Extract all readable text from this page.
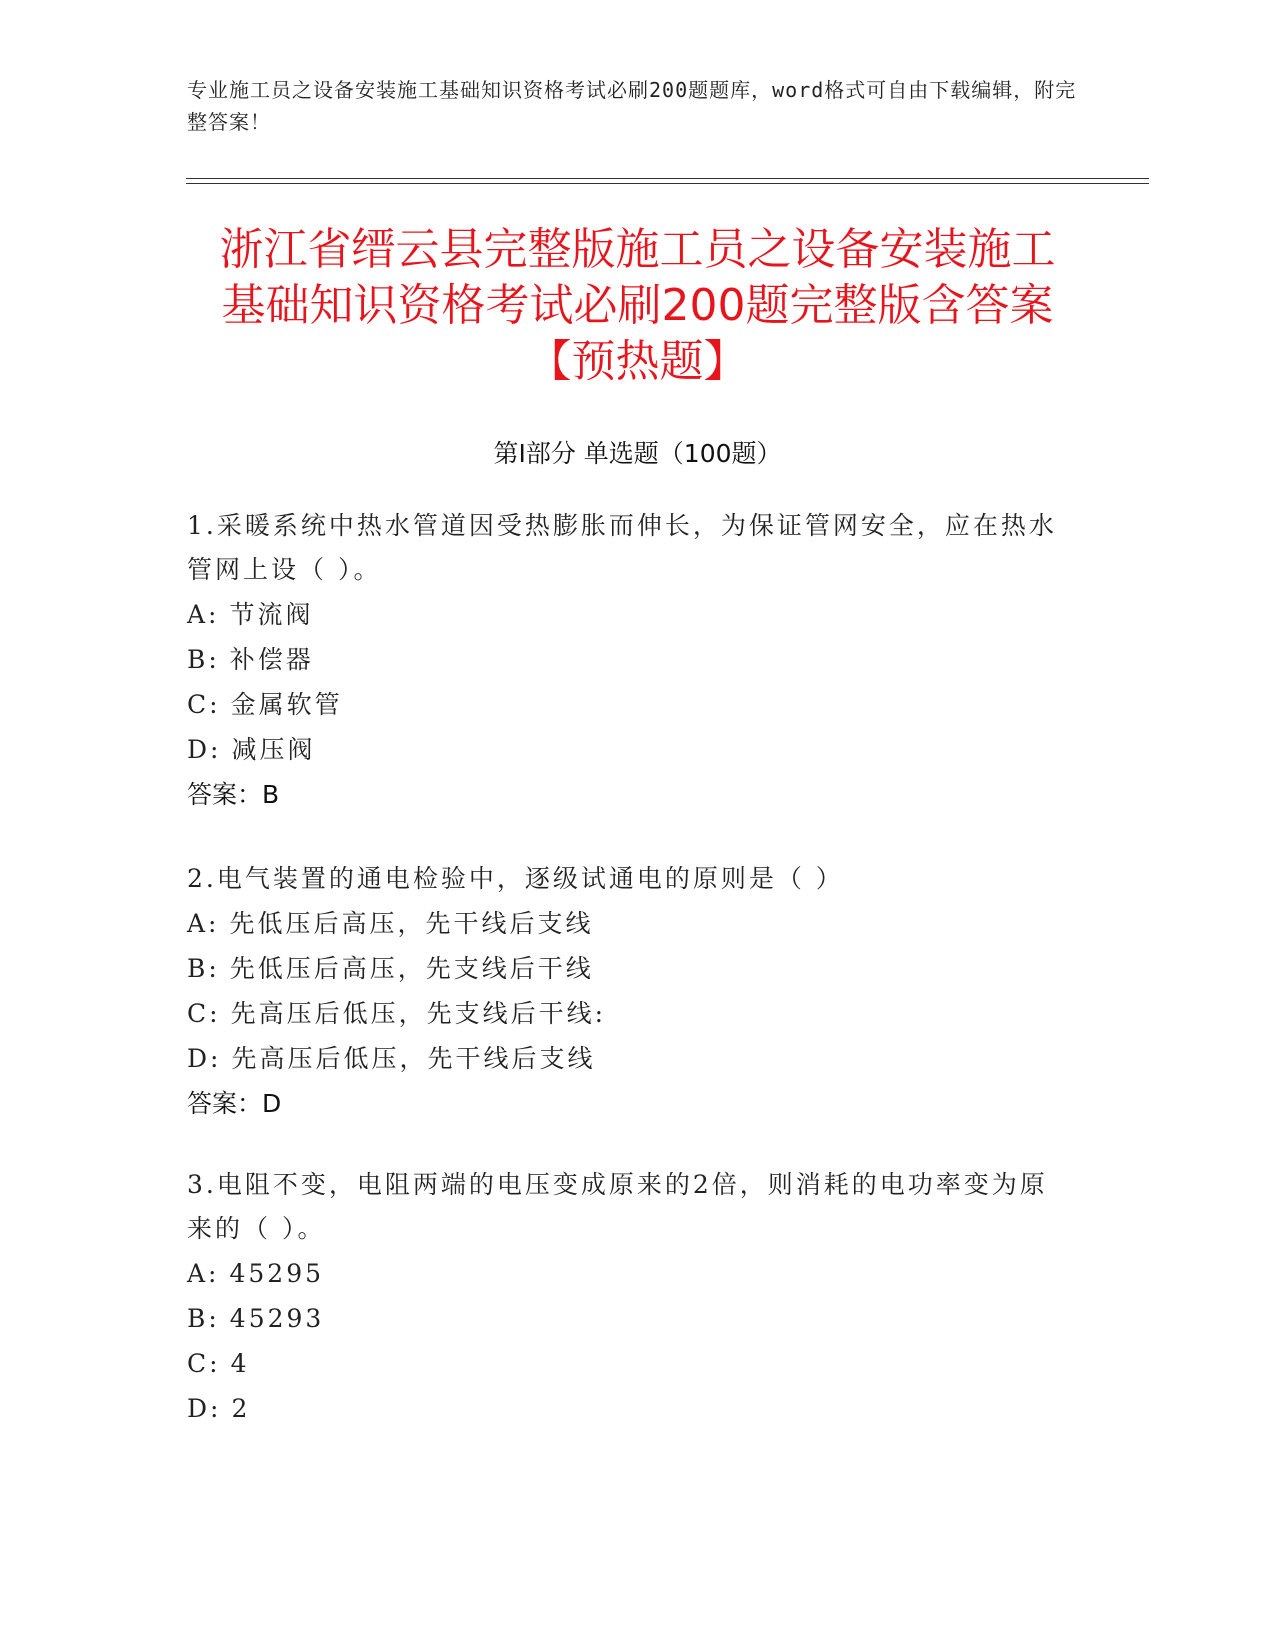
专业施工员之设备安装施工基础知识资格考试必刷200题题库，word格式可自由下载编辑，附完整答案！
浙江省缙云县完整版施工员之设备安装施工
基础知识资格考试必刷200题完整版含答案
【预热题】
第Ⅰ部分 单选题（100题）
1.采暖系统中热水管道因受热膨胀而伸长，为保证管网安全，应在热水管网上设（ ）。
A: 节流阀
B: 补偿器
C: 金属软管
D: 减压阀
答案：B
2.电气装置的通电检验中，逐级试通电的原则是（ ）
A: 先低压后高压，先干线后支线
B: 先低压后高压，先支线后干线
C: 先高压后低压，先支线后干线:
D: 先高压后低压，先干线后支线
答案：D
3.电阻不变，电阻两端的电压变成原来的2倍，则消耗的电功率变为原来的（ ）。
A: 45295
B: 45293
C: 4
D: 2
